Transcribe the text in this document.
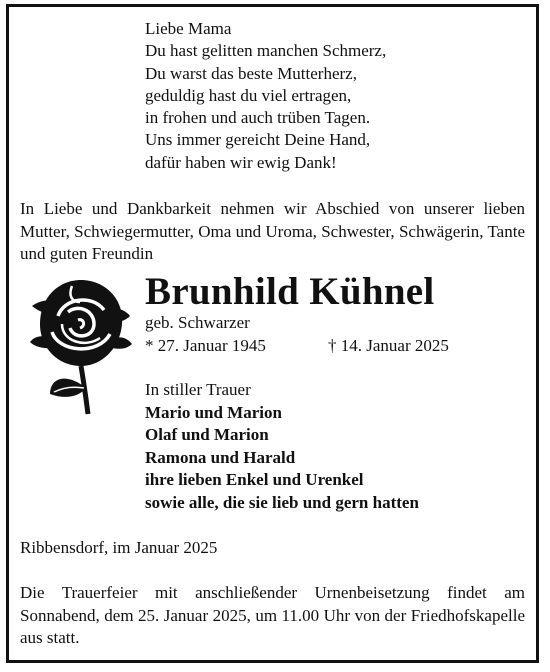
Liebe Mama
Du hast gelitten manchen Schmerz,
Du warst das beste Mutterherz,
geduldig hast du viel ertragen,
in frohen und auch trüben Tagen.
Uns immer gereicht Deine Hand,
dafür haben wir ewig Dank!
In Liebe und Dankbarkeit nehmen wir Abschied von unserer lieben Mutter, Schwiegermutter, Oma und Uroma, Schwester, Schwägerin, Tante und guten Freundin
Brunhild Kühnel
geb. Schwarzer
* 27. Januar 1945	† 14. Januar 2025
In stiller Trauer
Mario und Marion
Olaf und Marion
Ramona und Harald
ihre lieben Enkel und Urenkel
sowie alle, die sie lieb und gern hatten
Ribbensdorf, im Januar 2025
Die Trauerfeier mit anschließender Urnenbeisetzung findet am Sonnabend, dem 25. Januar 2025, um 11.00 Uhr von der Friedhofskapelle aus statt.
